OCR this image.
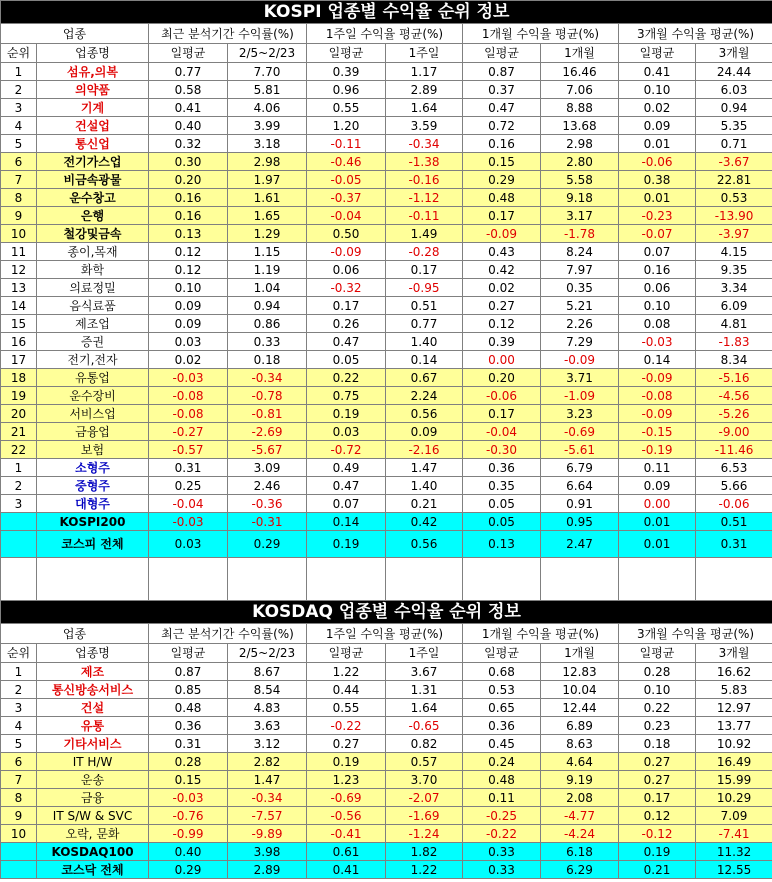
KOSPI 업종별 수익율 순위 정보									
업종		최근 분석기간 수익률(%)		1주일 수익율 평균(%)		1개월 수익율 평균(%)		3개월 수익율 평균(%)	
순위	업종명	일평균	2/5~2/23	일평균	1주일	일평균	1개월	일평균	3개월
1	섬유,의복	0.77	7.70	0.39	1.17	0.87	16.46	0.41	24.44
2	의약품	0.58	5.81	0.96	2.89	0.37	7.06	0.10	6.03
3	기계	0.41	4.06	0.55	1.64	0.47	8.88	0.02	0.94
4	건설업	0.40	3.99	1.20	3.59	0.72	13.68	0.09	5.35
5	통신업	0.32	3.18	-0.11	-0.34	0.16	2.98	0.01	0.71
6	전기가스업	0.30	2.98	-0.46	-1.38	0.15	2.80	-0.06	-3.67
7	비금속광물	0.20	1.97	-0.05	-0.16	0.29	5.58	0.38	22.81
8	운수창고	0.16	1.61	-0.37	-1.12	0.48	9.18	0.01	0.53
9	은행	0.16	1.65	-0.04	-0.11	0.17	3.17	-0.23	-13.90
10	철강및금속	0.13	1.29	0.50	1.49	-0.09	-1.78	-0.07	-3.97
11	종이,목재	0.12	1.15	-0.09	-0.28	0.43	8.24	0.07	4.15
12	화학	0.12	1.19	0.06	0.17	0.42	7.97	0.16	9.35
13	의료정밀	0.10	1.04	-0.32	-0.95	0.02	0.35	0.06	3.34
14	음식료품	0.09	0.94	0.17	0.51	0.27	5.21	0.10	6.09
15	제조업	0.09	0.86	0.26	0.77	0.12	2.26	0.08	4.81
16	증권	0.03	0.33	0.47	1.40	0.39	7.29	-0.03	-1.83
17	전기,전자	0.02	0.18	0.05	0.14	0.00	-0.09	0.14	8.34
18	유통업	-0.03	-0.34	0.22	0.67	0.20	3.71	-0.09	-5.16
19	운수장비	-0.08	-0.78	0.75	2.24	-0.06	-1.09	-0.08	-4.56
20	서비스업	-0.08	-0.81	0.19	0.56	0.17	3.23	-0.09	-5.26
21	금융업	-0.27	-2.69	0.03	0.09	-0.04	-0.69	-0.15	-9.00
22	보험	-0.57	-5.67	-0.72	-2.16	-0.30	-5.61	-0.19	-11.46
1	소형주	0.31	3.09	0.49	1.47	0.36	6.79	0.11	6.53
2	중형주	0.25	2.46	0.47	1.40	0.35	6.64	0.09	5.66
3	대형주	-0.04	-0.36	0.07	0.21	0.05	0.91	0.00	-0.06
	KOSPI200	-0.03	-0.31	0.14	0.42	0.05	0.95	0.01	0.51
	코스피 전체	0.03	0.29	0.19	0.56	0.13	2.47	0.01	0.31

KOSDAQ 업종별 수익율 순위 정보									
업종		최근 분석기간 수익률(%)		1주일 수익율 평균(%)		1개월 수익율 평균(%)		3개월 수익율 평균(%)	
순위	업종명	일평균	2/5~2/23	일평균	1주일	일평균	1개월	일평균	3개월
1	제조	0.87	8.67	1.22	3.67	0.68	12.83	0.28	16.62
2	통신방송서비스	0.85	8.54	0.44	1.31	0.53	10.04	0.10	5.83
3	건설	0.48	4.83	0.55	1.64	0.65	12.44	0.22	12.97
4	유통	0.36	3.63	-0.22	-0.65	0.36	6.89	0.23	13.77
5	기타서비스	0.31	3.12	0.27	0.82	0.45	8.63	0.18	10.92
6	IT H/W	0.28	2.82	0.19	0.57	0.24	4.64	0.27	16.49
7	운송	0.15	1.47	1.23	3.70	0.48	9.19	0.27	15.99
8	금융	-0.03	-0.34	-0.69	-2.07	0.11	2.08	0.17	10.29
9	IT S/W & SVC	-0.76	-7.57	-0.56	-1.69	-0.25	-4.77	0.12	7.09
10	오락, 문화	-0.99	-9.89	-0.41	-1.24	-0.22	-4.24	-0.12	-7.41
	KOSDAQ100	0.40	3.98	0.61	1.82	0.33	6.18	0.19	11.32
	코스닥 전체	0.29	2.89	0.41	1.22	0.33	6.29	0.21	12.55
